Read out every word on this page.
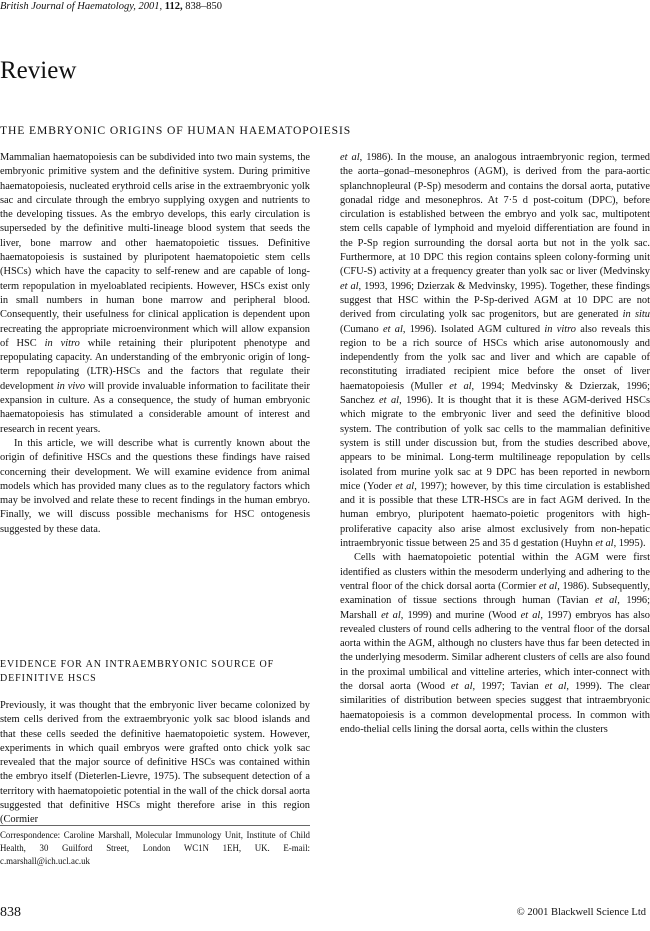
British Journal of Haematology, 2001, 112, 838–850
Review
THE EMBRYONIC ORIGINS OF HUMAN HAEMATOPOIESIS

Mammalian haematopoiesis can be subdivided into two main systems, the embryonic primitive system and the definitive system. During primitive haematopoiesis, nucleated erythroid cells arise in the extraembryonic yolk sac and circulate through the embryo supplying oxygen and nutrients to the developing tissues. As the embryo develops, this early circulation is superseded by the definitive multi-lineage blood system that seeds the liver, bone marrow and other haematopoietic tissues. Definitive haematopoiesis is sustained by pluripotent haematopoietic stem cells (HSCs) which have the capacity to self-renew and are capable of long-term repopulation in myeloablated recipients. However, HSCs exist only in small numbers in human bone marrow and peripheral blood. Consequently, their usefulness for clinical application is dependent upon recreating the appropriate microenvironment which will allow expansion of HSC in vitro while retaining their pluripotent phenotype and repopulating capacity. An understanding of the embryonic origin of long-term repopulating (LTR)-HSCs and the factors that regulate their development in vivo will provide invaluable information to facilitate their expansion in culture. As a consequence, the study of human embryonic haematopoiesis has stimulated a considerable amount of interest and research in recent years.

In this article, we will describe what is currently known about the origin of definitive HSCs and the questions these findings have raised concerning their development. We will examine evidence from animal models which has provided many clues as to the regulatory factors which may be involved and relate these to recent findings in the human embryo. Finally, we will discuss possible mechanisms for HSC ontogenesis suggested by these data.

EVIDENCE FOR AN INTRAEMBRYONIC SOURCE OF DEFINITIVE HSCS

Previously, it was thought that the embryonic liver became colonized by stem cells derived from the extraembryonic yolk sac blood islands and that these cells seeded the definitive haematopoietic system. However, experiments in which quail embryos were grafted onto chick yolk sac revealed that the major source of definitive HSCs was contained within the embryo itself (Dieterlen-Lievre, 1975). The subsequent detection of a territory with haematopoietic potential in the wall of the chick dorsal aorta suggested that definitive HSCs might therefore arise in this region (Cormier

Correspondence: Caroline Marshall, Molecular Immunology Unit, Institute of Child Health, 30 Guilford Street, London WC1N 1EH, UK. E-mail: c.marshall@ich.ucl.ac.uk

et al, 1986). In the mouse, an analogous intraembryonic region, termed the aorta–gonad–mesonephros (AGM), is derived from the para-aortic splanchnopleural (P-Sp) mesoderm and contains the dorsal aorta, putative gonadal ridge and mesonephros. At 7·5 d post-coitum (DPC), before circulation is established between the embryo and yolk sac, multipotent stem cells capable of lymphoid and myeloid differentiation are found in the P-Sp region surrounding the dorsal aorta but not in the yolk sac. Furthermore, at 10 DPC this region contains spleen colony-forming unit (CFU-S) activity at a frequency greater than yolk sac or liver (Medvinsky et al, 1993, 1996; Dzierzak & Medvinsky, 1995). Together, these findings suggest that HSC within the P-Sp-derived AGM at 10 DPC are not derived from circulating yolk sac progenitors, but are generated in situ (Cumano et al, 1996). Isolated AGM cultured in vitro also reveals this region to be a rich source of HSCs which arise autonomously and independently from the yolk sac and liver and which are capable of reconstituting irradiated recipient mice before the onset of liver haematopoiesis (Muller et al, 1994; Medvinsky & Dzierzak, 1996; Sanchez et al, 1996). It is thought that it is these AGM-derived HSCs which migrate to the embryonic liver and seed the definitive blood system. The contribution of yolk sac cells to the mammalian definitive system is still under discussion but, from the studies described above, appears to be minimal. Long-term multilineage repopulation by cells isolated from murine yolk sac at 9 DPC has been reported in newborn mice (Yoder et al, 1997); however, by this time circulation is established and it is possible that these LTR-HSCs are in fact AGM derived. In the human embryo, pluripotent haemato-poietic progenitors with high-proliferative capacity also arise almost exclusively from non-hepatic intraembryonic tissue between 25 and 35 d gestation (Huyhn et al, 1995).

Cells with haematopoietic potential within the AGM were first identified as clusters within the mesoderm underlying and adhering to the ventral floor of the chick dorsal aorta (Cormier et al, 1986). Subsequently, examination of tissue sections through human (Tavian et al, 1996; Marshall et al, 1999) and murine (Wood et al, 1997) embryos has also revealed clusters of round cells adhering to the ventral floor of the dorsal aorta within the AGM, although no clusters have thus far been detected in the underlying mesoderm. Similar adherent clusters of cells are also found in the proximal umbilical and vitteline arteries, which inter-connect with the dorsal aorta (Wood et al, 1997; Tavian et al, 1999). The clear similarities of distribution between species suggest that intraembryonic haematopoiesis is a common developmental process. In common with endo-thelial cells lining the dorsal aorta, cells within the clusters

838	© 2001 Blackwell Science Ltd
